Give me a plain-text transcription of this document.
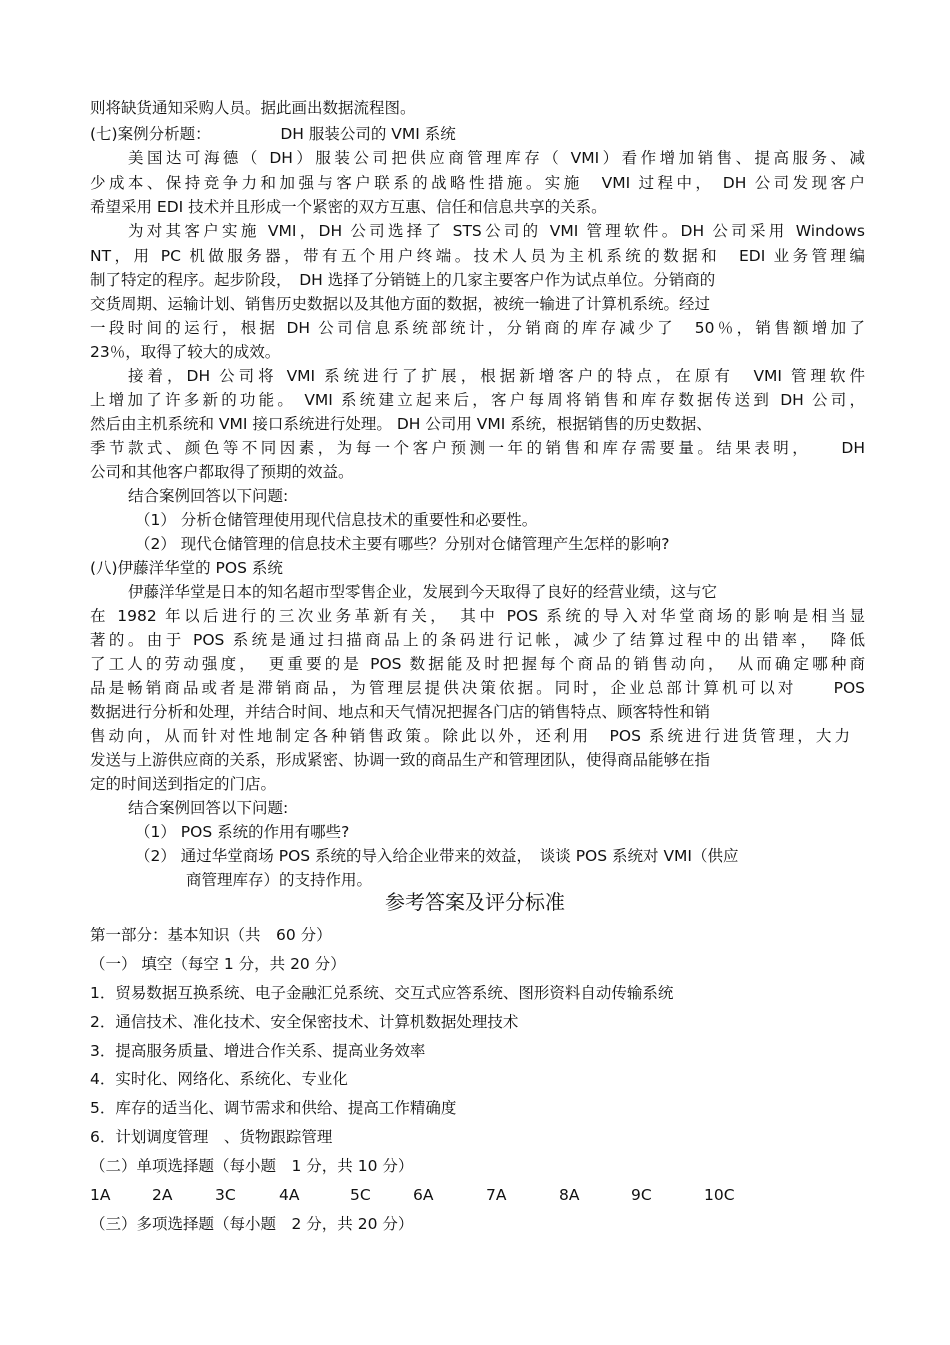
则将缺货通知采购人员。据此画出数据流程图。
(七)案例分析题：　　　　　DH 服装公司的 VMI 系统
美国达可海德（ DH）服装公司把供应商管理库存（ VMI）看作增加销售、提高服务、减
少成本、保持竞争力和加强与客户联系的战略性措施。实施　VMI 过程中， DH 公司发现客户
希望采用 EDI 技术并且形成一个紧密的双方互惠、信任和信息共享的关系。
为对其客户实施 VMI，DH 公司选择了 STS公司的 VMI 管理软件。DH 公司采用 Windows
NT，用 PC 机做服务器，带有五个用户终端。技术人员为主机系统的数据和　EDI 业务管理编
制了特定的程序。起步阶段，　DH 选择了分销链上的几家主要客户作为试点单位。分销商的
交货周期、运输计划、销售历史数据以及其他方面的数据，被统一输进了计算机系统。经过
一段时间的运行，根据 DH 公司信息系统部统计，分销商的库存减少了　50％，销售额增加了
23％，取得了较大的成效。
接着，DH 公司将 VMI 系统进行了扩展，根据新增客户的特点，在原有　VMI 管理软件
上增加了许多新的功能。 VMI 系统建立起来后，客户每周将销售和库存数据传送到 DH 公司，
然后由主机系统和 VMI 接口系统进行处理。 DH 公司用 VMI 系统，根据销售的历史数据、
季节款式、颜色等不同因素，为每一个客户预测一年的销售和库存需要量。结果表明，　　DH
公司和其他客户都取得了预期的效益。
结合案例回答以下问题:
（1） 分析仓储管理使用现代信息技术的重要性和必要性。
（2） 现代仓储管理的信息技术主要有哪些？分别对仓储管理产生怎样的影响?
(八)伊藤洋华堂的 POS 系统
伊藤洋华堂是日本的知名超市型零售企业，发展到今天取得了良好的经营业绩，这与它
在 1982 年以后进行的三次业务革新有关，　其中 POS 系统的导入对华堂商场的影响是相当显
著的。由于 POS 系统是通过扫描商品上的条码进行记帐，减少了结算过程中的出错率，　降低
了工人的劳动强度，　更重要的是 POS 数据能及时把握每个商品的销售动向，　从而确定哪种商
品是畅销商品或者是滞销商品，为管理层提供决策依据。同时，企业总部计算机可以对　　POS
数据进行分析和处理，并结合时间、地点和天气情况把握各门店的销售特点、顾客特性和销
售动向，从而针对性地制定各种销售政策。除此以外，还利用　POS 系统进行进货管理，大力
发送与上游供应商的关系，形成紧密、协调一致的商品生产和管理团队，使得商品能够在指
定的时间送到指定的门店。
结合案例回答以下问题:
（1） POS 系统的作用有哪些?
（2） 通过华堂商场 POS 系统的导入给企业带来的效益，　谈谈 POS 系统对 VMI（供应
商管理库存）的支持作用。
参考答案及评分标准
第一部分：基本知识（共　60 分）
（一） 填空（每空 1 分，共 20 分）
1．贸易数据互换系统、电子金融汇兑系统、交互式应答系统、图形资料自动传输系统
2．通信技术、准化技术、安全保密技术、计算机数据处理技术
3．提高服务质量、增进合作关系、提高业务效率
4．实时化、网络化、系统化、专业化
5．库存的适当化、调节需求和供给、提高工作精确度
6．计划调度管理　、货物跟踪管理
（二）单项选择题（每小题　1 分，共 10 分）
1A	2A	3C	4A	5C	6A	7A	8A	9C	10C
（三）多项选择题（每小题　2 分，共 20 分）
